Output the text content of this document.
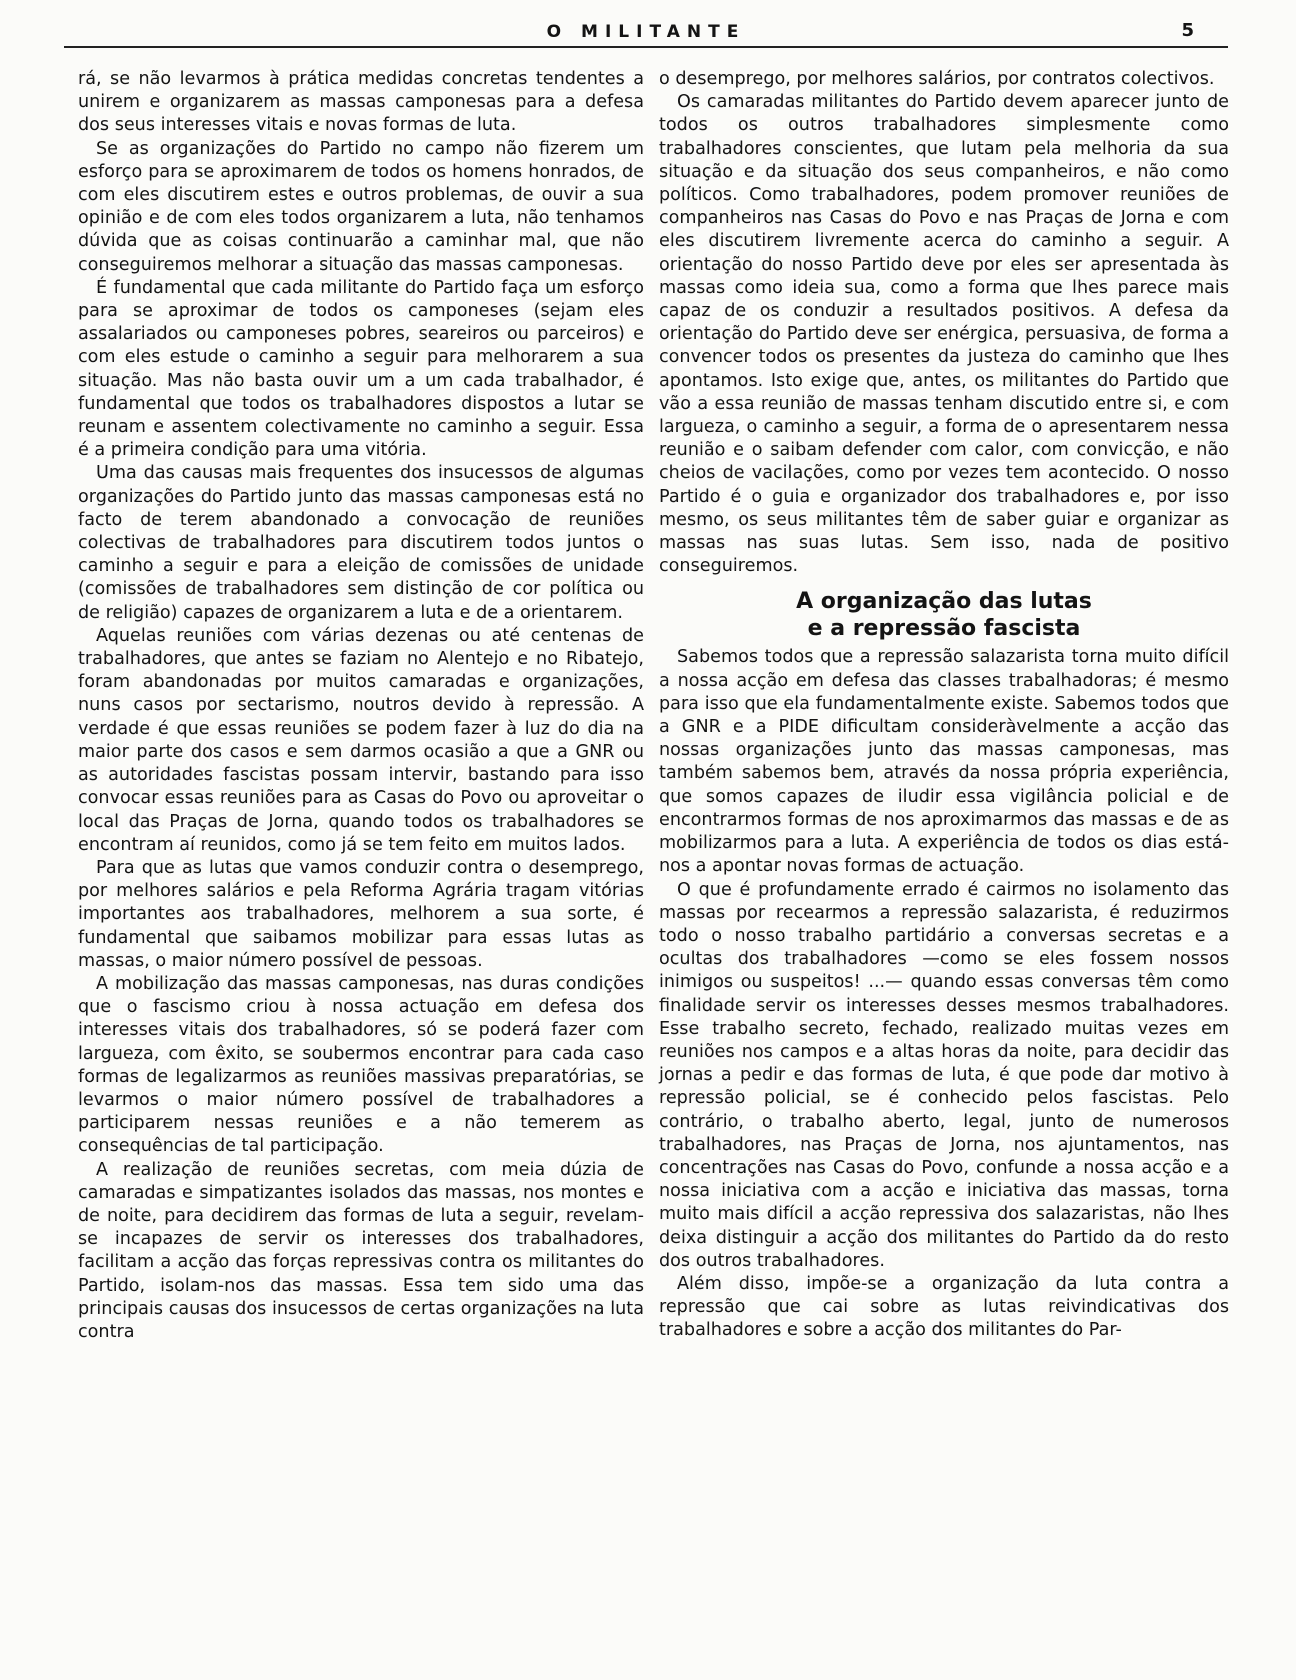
O MILITANTE	5

rá, se não levarmos à prática medidas concretas tendentes a unirem e organizarem as massas camponesas para a defesa dos seus interesses vitais e novas formas de luta.

Se as organizações do Partido no campo não fizerem um esforço para se aproximarem de todos os homens honrados, de com eles discutirem estes e outros problemas, de ouvir a sua opinião e de com eles todos organizarem a luta, não tenhamos dúvida que as coisas continuarão a caminhar mal, que não conseguiremos melhorar a situação das massas camponesas.

É fundamental que cada militante do Partido faça um esforço para se aproximar de todos os camponeses (sejam eles assalariados ou camponeses pobres, seareiros ou parceiros) e com eles estude o caminho a seguir para melhorarem a sua situação. Mas não basta ouvir um a um cada trabalhador, é fundamental que todos os trabalhadores dispostos a lutar se reunam e assentem colectivamente no caminho a seguir. Essa é a primeira condição para uma vitória.

Uma das causas mais frequentes dos insucessos de algumas organizações do Partido junto das massas camponesas está no facto de terem abandonado a convocação de reuniões colectivas de trabalhadores para discutirem todos juntos o caminho a seguir e para a eleição de comissões de unidade (comissões de trabalhadores sem distinção de cor política ou de religião) capazes de organizarem a luta e de a orientarem.

Aquelas reuniões com várias dezenas ou até centenas de trabalhadores, que antes se faziam no Alentejo e no Ribatejo, foram abandonadas por muitos camaradas e organizações, nuns casos por sectarismo, noutros devido à repressão. A verdade é que essas reuniões se podem fazer à luz do dia na maior parte dos casos e sem darmos ocasião a que a GNR ou as autoridades fascistas possam intervir, bastando para isso convocar essas reuniões para as Casas do Povo ou aproveitar o local das Praças de Jorna, quando todos os trabalhadores se encontram aí reunidos, como já se tem feito em muitos lados.

Para que as lutas que vamos conduzir contra o desemprego, por melhores salários e pela Reforma Agrária tragam vitórias importantes aos trabalhadores, melhorem a sua sorte, é fundamental que saibamos mobilizar para essas lutas as massas, o maior número possível de pessoas.

A mobilização das massas camponesas, nas duras condições que o fascismo criou à nossa actuação em defesa dos interesses vitais dos trabalhadores, só se poderá fazer com largueza, com êxito, se soubermos encontrar para cada caso formas de legalizarmos as reuniões massivas preparatórias, se levarmos o maior número possível de trabalhadores a participarem nessas reuniões e a não temerem as consequências de tal participação.

A realização de reuniões secretas, com meia dúzia de camaradas e simpatizantes isolados das massas, nos montes e de noite, para decidirem das formas de luta a seguir, revelam-se incapazes de servir os interesses dos trabalhadores, facilitam a acção das forças repressivas contra os militantes do Partido, isolam-nos das massas. Essa tem sido uma das principais causas dos insucessos de certas organizações na luta contra

o desemprego, por melhores salários, por contratos colectivos.

Os camaradas militantes do Partido devem aparecer junto de todos os outros trabalhadores simplesmente como trabalhadores conscientes, que lutam pela melhoria da sua situação e da situação dos seus companheiros, e não como políticos. Como trabalhadores, podem promover reuniões de companheiros nas Casas do Povo e nas Praças de Jorna e com eles discutirem livremente acerca do caminho a seguir. A orientação do nosso Partido deve por eles ser apresentada às massas como ideia sua, como a forma que lhes parece mais capaz de os conduzir a resultados positivos. A defesa da orientação do Partido deve ser enérgica, persuasiva, de forma a convencer todos os presentes da justeza do caminho que lhes apontamos. Isto exige que, antes, os militantes do Partido que vão a essa reunião de massas tenham discutido entre si, e com largueza, o caminho a seguir, a forma de o apresentarem nessa reunião e o saibam defender com calor, com convicção, e não cheios de vacilações, como por vezes tem acontecido. O nosso Partido é o guia e organizador dos trabalhadores e, por isso mesmo, os seus militantes têm de saber guiar e organizar as massas nas suas lutas. Sem isso, nada de positivo conseguiremos.

A organização das lutas
e a repressão fascista

Sabemos todos que a repressão salazarista torna muito difícil a nossa acção em defesa das classes trabalhadoras; é mesmo para isso que ela fundamentalmente existe. Sabemos todos que a GNR e a PIDE dificultam consideràvelmente a acção das nossas organizações junto das massas camponesas, mas também sabemos bem, através da nossa própria experiência, que somos capazes de iludir essa vigilância policial e de encontrarmos formas de nos aproximarmos das massas e de as mobilizarmos para a luta. A experiência de todos os dias está-nos a apontar novas formas de actuação.

O que é profundamente errado é cairmos no isolamento das massas por recearmos a repressão salazarista, é reduzirmos todo o nosso trabalho partidário a conversas secretas e a ocultas dos trabalhadores —como se eles fossem nossos inimigos ou suspeitos! ...— quando essas conversas têm como finalidade servir os interesses desses mesmos trabalhadores. Esse trabalho secreto, fechado, realizado muitas vezes em reuniões nos campos e a altas horas da noite, para decidir das jornas a pedir e das formas de luta, é que pode dar motivo à repressão policial, se é conhecido pelos fascistas. Pelo contrário, o trabalho aberto, legal, junto de numerosos trabalhadores, nas Praças de Jorna, nos ajuntamentos, nas concentrações nas Casas do Povo, confunde a nossa acção e a nossa iniciativa com a acção e iniciativa das massas, torna muito mais difícil a acção repressiva dos salazaristas, não lhes deixa distinguir a acção dos militantes do Partido da do resto dos outros trabalhadores.

Além disso, impõe-se a organização da luta contra a repressão que cai sobre as lutas reivindicativas dos trabalhadores e sobre a acção dos militantes do Par-
